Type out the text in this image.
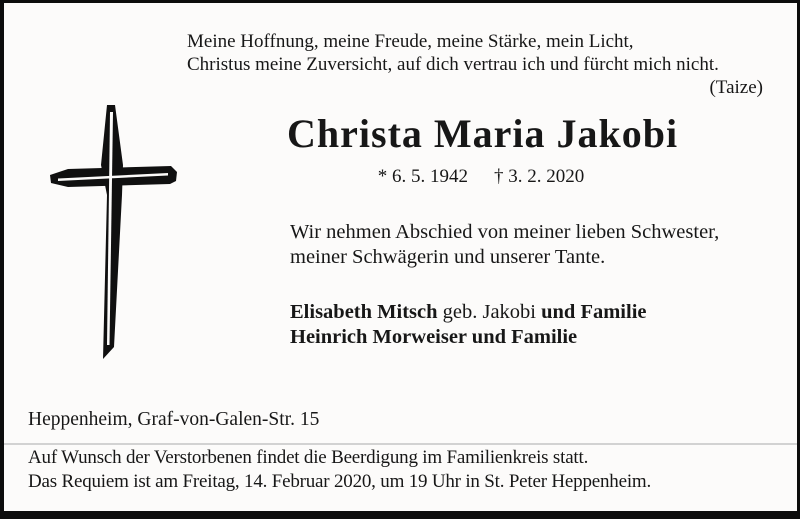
Meine Hoffnung, meine Freude, meine Stärke, mein Licht,
Christus meine Zuversicht, auf dich vertrau ich und fürcht mich nicht.
(Taize)
Christa Maria Jakobi
* 6. 5. 1942 † 3. 2. 2020
Wir nehmen Abschied von meiner lieben Schwester,
meiner Schwägerin und unserer Tante.
Elisabeth Mitsch geb. Jakobi und Familie
Heinrich Morweiser und Familie
Heppenheim, Graf-von-Galen-Str. 15
Auf Wunsch der Verstorbenen findet die Beerdigung im Familienkreis statt.
Das Requiem ist am Freitag, 14. Februar 2020, um 19 Uhr in St. Peter Heppenheim.
